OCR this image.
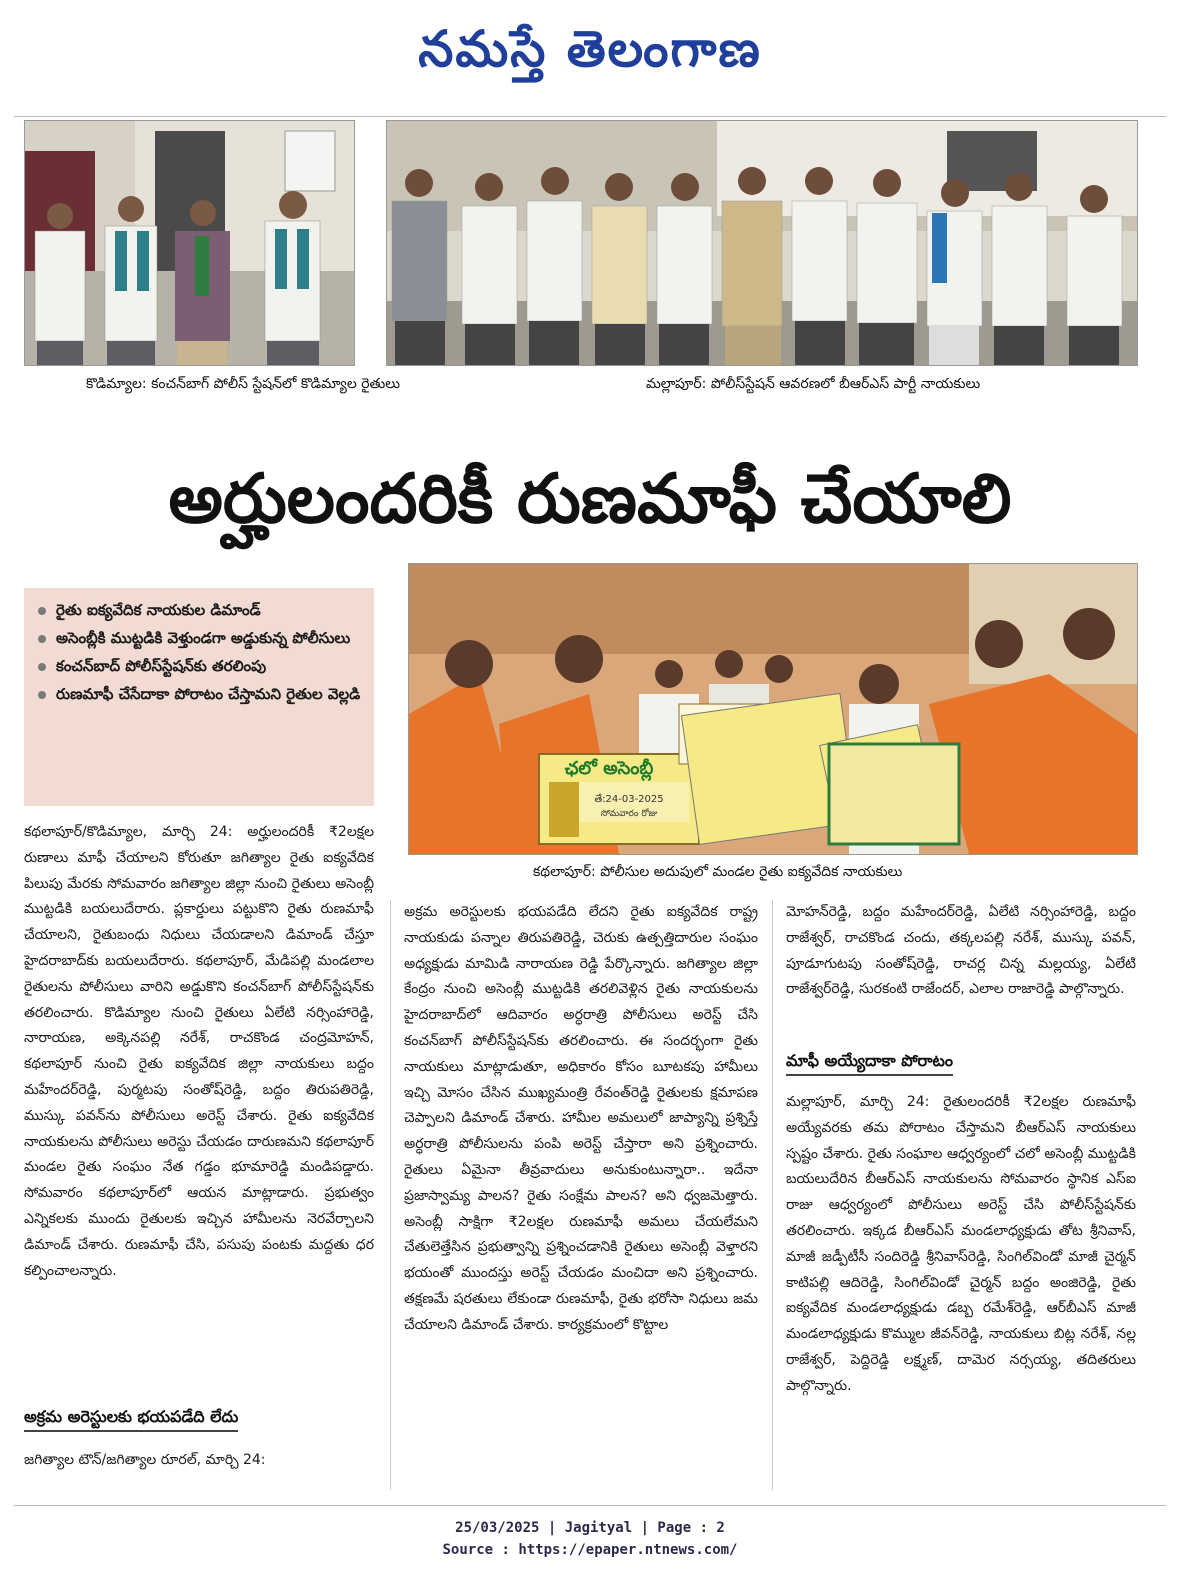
నమస్తే తెలంగాణ
కొడిమ్యాల: కంచన్‌బాగ్ పోలీస్ స్టేషన్‌లో కొడిమ్యాల రైతులు	మల్లాపూర్: పోలీస్‌స్టేషన్ ఆవరణలో బీఆర్‌ఎస్ పార్టీ నాయకులు
అర్హులందరికీ రుణమాఫీ చేయాలి
రైతు ఐక్యవేదిక నాయకుల డిమాండ్
అసెంబ్లీకి ముట్టడికి వెళ్తుండగా అడ్డుకున్న పోలీసులు
కంచన్‌బాద్ పోలీస్‌స్టేషన్‌కు తరలింపు
రుణమాఫీ చేసేదాకా పోరాటం చేస్తామని రైతుల వెల్లడి
ఛలో అసెంబ్లీ
తే:24-03-2025
సోమవారం రోజు
కథలాపూర్: పోలీసుల అదుపులో మండల రైతు ఐక్యవేదిక నాయకులు

కథలాపూర్/కొడిమ్యాల, మార్చి 24: అర్హులందరికీ ₹2లక్షల రుణాలు మాఫీ చేయాలని కోరుతూ జగిత్యాల రైతు ఐక్యవేదిక పిలుపు మేరకు సోమవారం జగిత్యాల జిల్లా నుంచి రైతులు అసెంబ్లీ ముట్టడికి బయలుదేరారు. ప్లకార్డులు పట్టుకొని రైతు రుణమాఫీ చేయాలని, రైతుబంధు నిధులు చేయడాలని డిమాండ్ చేస్తూ హైదరాబాద్‌కు బయలుదేరారు. కథలాపూర్, మేడిపల్లి మండలాల రైతులను పోలీసులు వారిని అడ్డుకొని కంచన్‌బాగ్ పోలీస్‌స్టేషన్‌కు తరలించారు. కొడిమ్యాల నుంచి రైతులు ఏలేటి నర్సింహారెడ్డి, నారాయణ, అక్కెనపల్లి నరేశ్, రాచకొండ చంద్రమోహన్, కథలాపూర్ నుంచి రైతు ఐక్యవేదిక జిల్లా నాయకులు బద్దం మహేందర్‌రెడ్డి, పుర్మటపు సంతోష్‌రెడ్డి, బద్దం తిరుపతిరెడ్డి, ముస్కు పవన్‌ను పోలీసులు అరెస్ట్ చేశారు. రైతు ఐక్యవేదిక నాయకులను పోలీసులు అరెస్టు చేయడం దారుణమని కథలాపూర్ మండల రైతు సంఘం నేత గడ్డం భూమారెడ్డి మండిపడ్డారు. సోమవారం కథలాపూర్‌లో ఆయన మాట్లాడారు. ప్రభుత్వం ఎన్నికలకు ముందు రైతులకు ఇచ్చిన హామీలను నెరవేర్చాలని డిమాండ్ చేశారు. రుణమాఫీ చేసి, పసుపు పంటకు మద్దతు ధర కల్పించాలన్నారు.

అక్రమ అరెస్టులకు భయపడేది లేదు

జగిత్యాల టౌన్/జగిత్యాల రూరల్, మార్చి 24:

అక్రమ అరెస్టులకు భయపడేది లేదని రైతు ఐక్యవేదిక రాష్ట్ర నాయకుడు పన్నాల తిరుపతిరెడ్డి, చెరుకు ఉత్పత్తిదారుల సంఘం అధ్యక్షుడు మామిడి నారాయణ రెడ్డి పేర్కొన్నారు. జగిత్యాల జిల్లా కేంద్రం నుంచి అసెంబ్లీ ముట్టడికి తరలివెళ్లిన రైతు నాయకులను హైదరాబాద్‌లో ఆదివారం అర్ధరాత్రి పోలీసులు అరెస్ట్ చేసి కంచన్‌బాగ్ పోలీస్‌స్టేషన్‌కు తరలించారు. ఈ సందర్భంగా రైతు నాయకులు మాట్లాడుతూ, అధికారం కోసం బూటకపు హామీలు ఇచ్చి మోసం చేసిన ముఖ్యమంత్రి రేవంత్‌రెడ్డి రైతులకు క్షమాపణ చెప్పాలని డిమాండ్ చేశారు. హామీల అమలులో జాప్యాన్ని ప్రశ్నిస్తే అర్ధరాత్రి పోలీసులను పంపి అరెస్ట్ చేస్తారా అని ప్రశ్నించారు. రైతులు ఏమైనా తీవ్రవాదులు అనుకుంటున్నారా.. ఇదేనా ప్రజాస్వామ్య పాలన? రైతు సంక్షేమ పాలన? అని ధ్వజమెత్తారు. అసెంబ్లీ సాక్షిగా ₹2లక్షల రుణమాఫీ అమలు చేయలేమని చేతులెత్తేసిన ప్రభుత్వాన్ని ప్రశ్నించడానికి రైతులు అసెంబ్లీ వెళ్తారని భయంతో ముందస్తు అరెస్ట్ చేయడం మంచిదా అని ప్రశ్నించారు. తక్షణమే షరతులు లేకుండా రుణమాఫీ, రైతు భరోసా నిధులు జమ చేయాలని డిమాండ్ చేశారు. కార్యక్రమంలో కొట్టాల

మోహన్‌రెడ్డి, బద్దం మహేందర్‌రెడ్డి, ఏలేటి నర్సింహారెడ్డి, బద్దం రాజేశ్వర్, రాచకొండ చందు, తక్కలపల్లి నరేశ్, ముస్కు పవన్, పూడూగుటపు సంతోష్‌రెడ్డి, రాచర్ల చిన్న మల్లయ్య, ఏలేటి రాజేశ్వర్‌రెడ్డి, సురకంటి రాజేందర్, ఎలాల రాజారెడ్డి పాల్గొన్నారు.

మాఫీ అయ్యేదాకా పోరాటం

మల్లాపూర్, మార్చి 24: రైతులందరికీ ₹2లక్షల రుణమాఫీ అయ్యేవరకు తమ పోరాటం చేస్తామని బీఆర్‌ఎస్ నాయకులు స్పష్టం చేశారు. రైతు సంఘాల ఆధ్వర్యంలో చలో అసెంబ్లీ ముట్టడికి బయలుదేరిన బీఆర్‌ఎస్ నాయకులను సోమవారం స్థానిక ఎస్ఐ రాజు ఆధ్వర్యంలో పోలీసులు అరెస్ట్ చేసి పోలీస్‌స్టేషన్‌కు తరలించారు. ఇక్కడ బీఆర్‌ఎస్ మండలాధ్యక్షుడు తోట శ్రీనివాస్, మాజీ జడ్పీటీసీ సందిరెడ్డి శ్రీనివాస్‌రెడ్డి, సింగిల్‌విండో మాజీ చైర్మన్ కాటిపల్లి ఆదిరెడ్డి, సింగిల్‌విండో చైర్మన్ బద్దం అంజిరెడ్డి, రైతు ఐక్యవేదిక మండలాధ్యక్షుడు డబ్బ రమేశ్‌రెడ్డి, ఆర్‌బీఎస్ మాజీ మండలాధ్యక్షుడు కొమ్ముల జీవన్‌రెడ్డి, నాయకులు బిట్ల నరేశ్, నల్ల రాజేశ్వర్, పెద్దిరెడ్డి లక్ష్మణ్, దామెర నర్సయ్య, తదితరులు పాల్గొన్నారు.

25/03/2025 | Jagityal | Page : 2
Source : https://epaper.ntnews.com/
